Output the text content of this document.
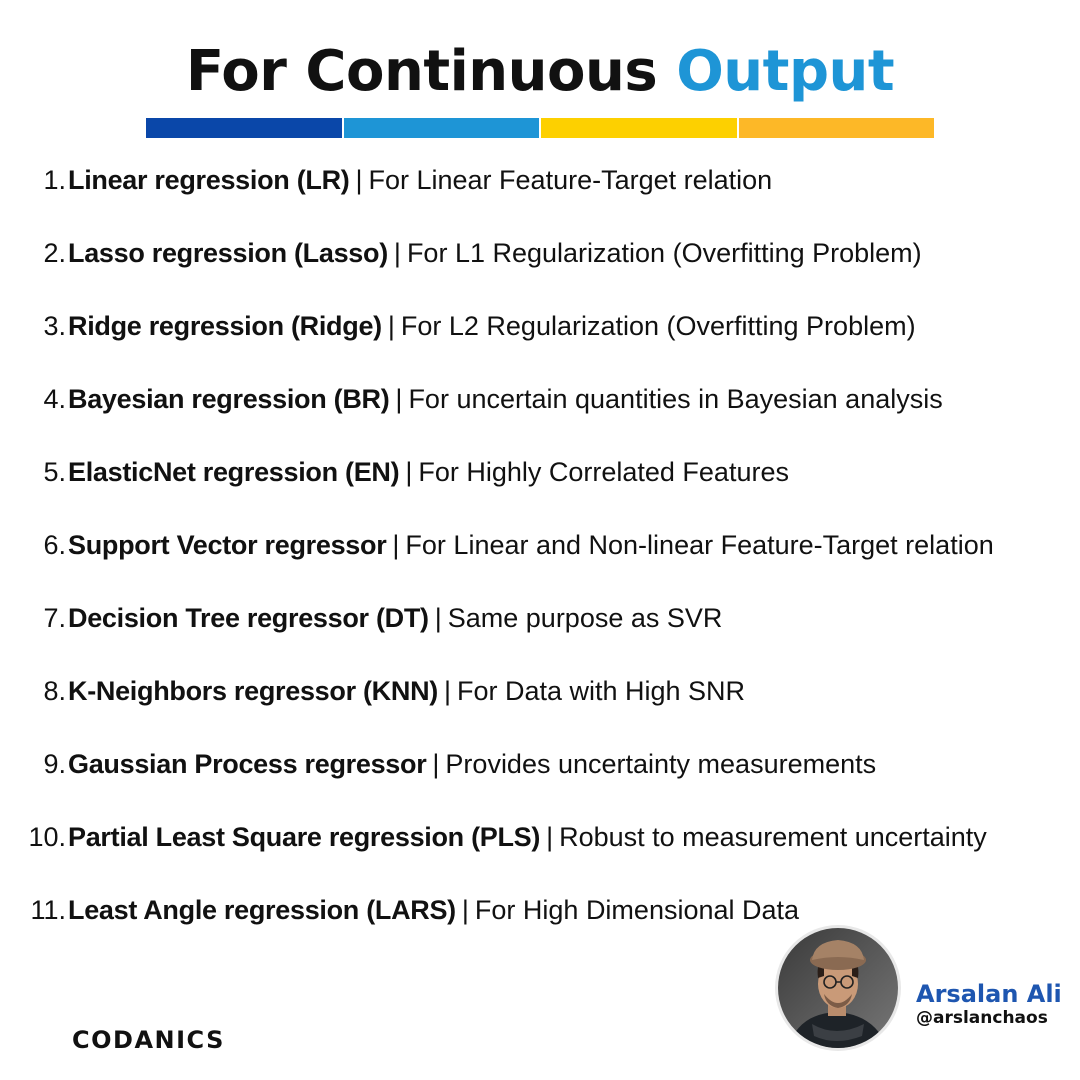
For Continuous Output
1. Linear regression (LR) | For Linear Feature-Target relation
2. Lasso regression (Lasso) | For L1 Regularization (Overfitting Problem)
3. Ridge regression (Ridge) | For L2 Regularization (Overfitting Problem)
4. Bayesian regression (BR) | For uncertain quantities in Bayesian analysis
5. ElasticNet regression (EN) | For Highly Correlated Features
6. Support Vector regressor | For Linear and Non-linear Feature-Target relation
7. Decision Tree regressor (DT) | Same purpose as SVR
8. K-Neighbors regressor (KNN) | For Data with High SNR
9. Gaussian Process regressor | Provides uncertainty measurements
10. Partial Least Square regression (PLS) | Robust to measurement uncertainty
11. Least Angle regression (LARS) | For High Dimensional Data
CODANICS
Arsalan Ali
@arslanchaos
